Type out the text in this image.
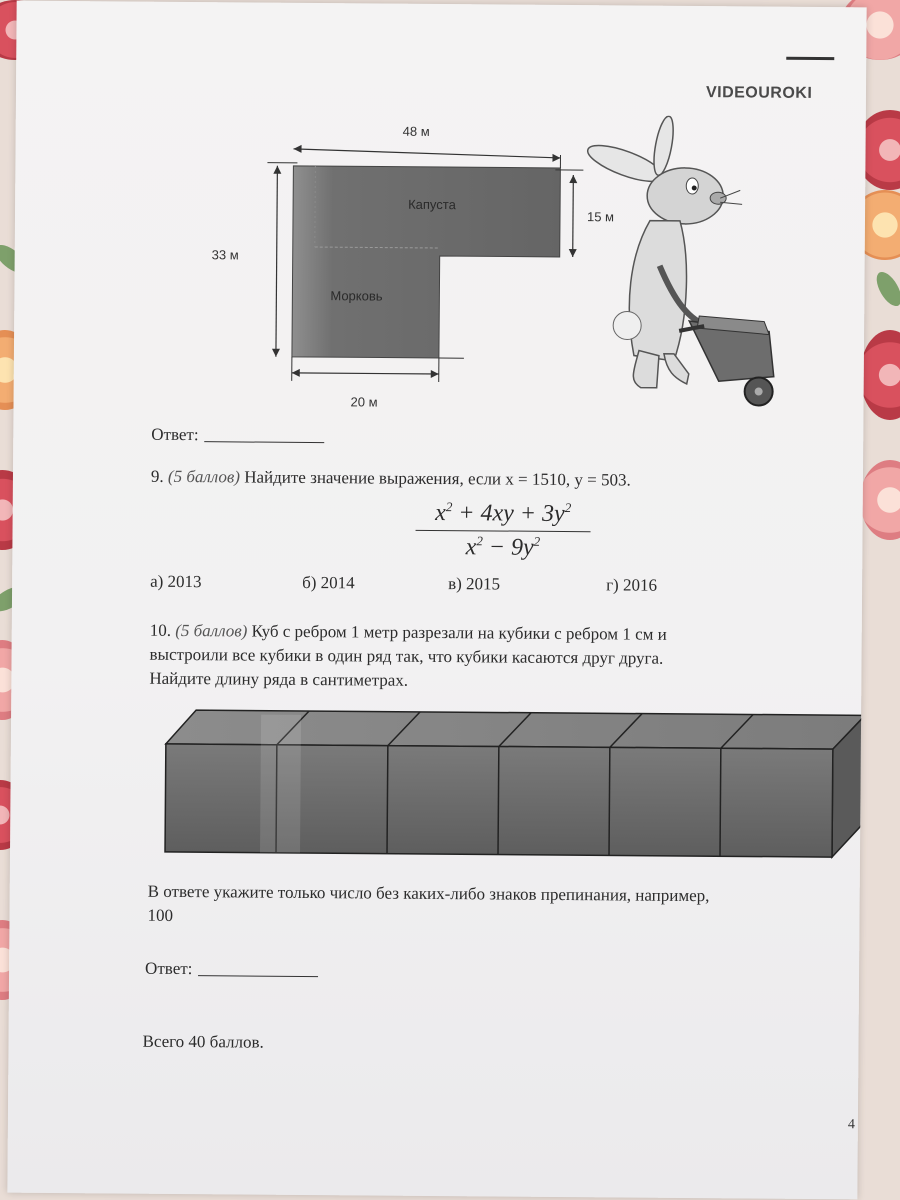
VIDEOUROKI
48 м
15 м
33 м
20 м
Капуста
Морковь
Ответ:
9. (5 баллов) Найдите значение выражения, если x = 1510, y = 503.
$x^2 + 4xy + 3y^2$
$x^2 - 9y^2$
а) 2013	б) 2014	в) 2015	г) 2016
10. (5 баллов) Куб с ребром 1 метр разрезали на кубики с ребром 1 см и
выстроили все кубики в один ряд так, что кубики касаются друг друга.
Найдите длину ряда в сантиметрах.
В ответе укажите только число без каких-либо знаков препинания, например,
100
Ответ:
Всего 40 баллов.
4
